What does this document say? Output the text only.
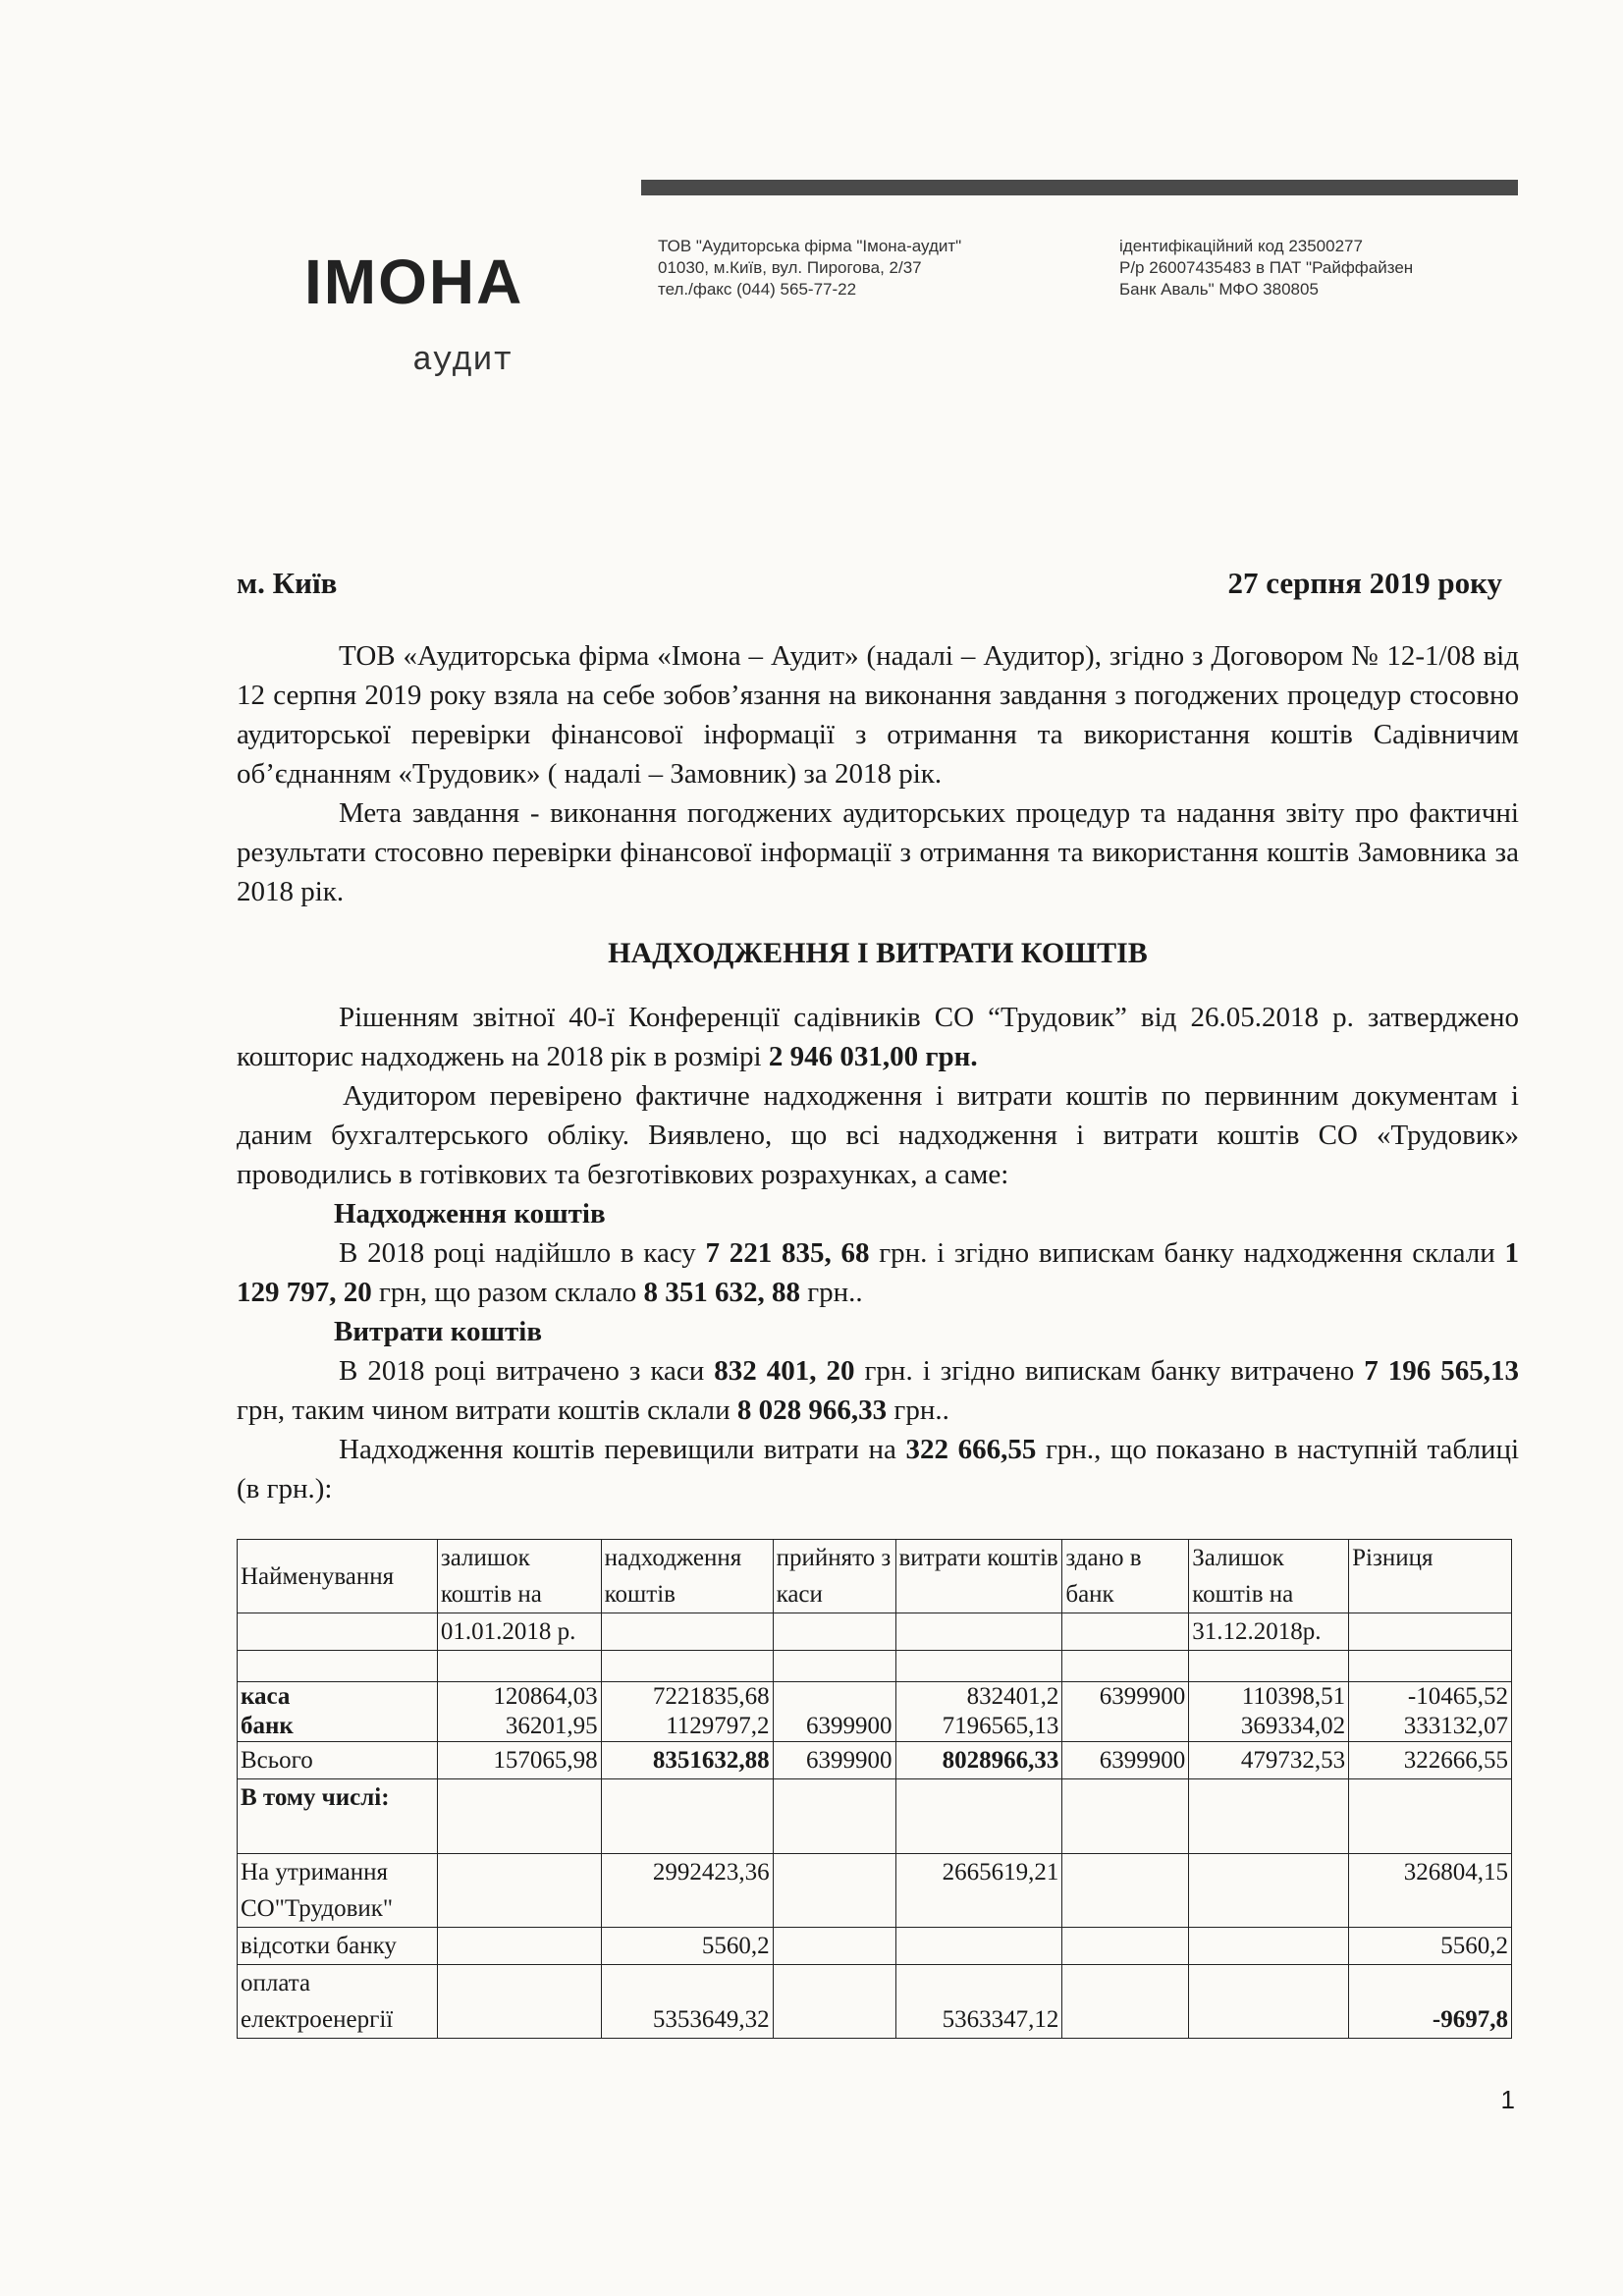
ІМОНА
аудит
ТОВ "Аудиторська фірма "Імона-аудит"
01030, м.Київ, вул. Пирогова, 2/37
тел./факс (044) 565-77-22
ідентифікаційний код 23500277
Р/р 26007435483 в ПАТ "Райффайзен
Банк Аваль" МФО 380805
м. Київ	27 серпня 2019 року

ТОВ «Аудиторська фірма «Імона – Аудит» (надалі – Аудитор), згідно з Договором № 12-1/08 від 12 серпня 2019 року взяла на себе зобов’язання на виконання завдання з погоджених процедур стосовно аудиторської перевірки фінансової інформації з отримання та використання коштів Садівничим об’єднанням «Трудовик» ( надалі – Замовник) за 2018 рік.

Мета завдання - виконання погоджених аудиторських процедур та надання звіту про фактичні результати стосовно перевірки фінансової інформації з отримання та використання коштів Замовника за 2018 рік.

НАДХОДЖЕННЯ І ВИТРАТИ КОШТІВ

Рішенням звітної 40-ї Конференції садівників СО “Трудовик” від 26.05.2018 р. затверджено кошторис надходжень на 2018 рік в розмірі 2 946 031,00 грн.

Аудитором перевірено фактичне надходження і витрати коштів по первинним документам і даним бухгалтерського обліку. Виявлено, що всі надходження і витрати коштів СО «Трудовик» проводились в готівкових та безготівкових розрахунках, а саме:

Надходження коштів

В 2018 році надійшло в касу 7 221 835, 68 грн. і згідно випискам банку надходження склали 1 129 797, 20 грн, що разом склало 8 351 632, 88 грн..

Витрати коштів

В 2018 році витрачено з каси 832 401, 20 грн. і згідно випискам банку витрачено 7 196 565,13 грн, таким чином витрати коштів склали 8 028 966,33 грн..

Надходження коштів перевищили витрати на 322 666,55 грн., що показано в наступній таблиці (в грн.):

Найменування	залишок коштів на	надходження коштів	прийнято з каси	витрати коштів	здано в банк	Залишок коштів на	Різниця
	01.01.2018 р.					31.12.2018р.	

каса	120864,03	7221835,68		832401,2	6399900	110398,51	-10465,52
банк	36201,95	1129797,2	6399900	7196565,13		369334,02	333132,07
Всього	157065,98	8351632,88	6399900	8028966,33	6399900	479732,53	322666,55
В тому числі:							
На утримання СО"Трудовик"		2992423,36		2665619,21			326804,15
відсотки банку		5560,2					5560,2
оплата електроенергії		5353649,32		5363347,12			-9697,8
1
